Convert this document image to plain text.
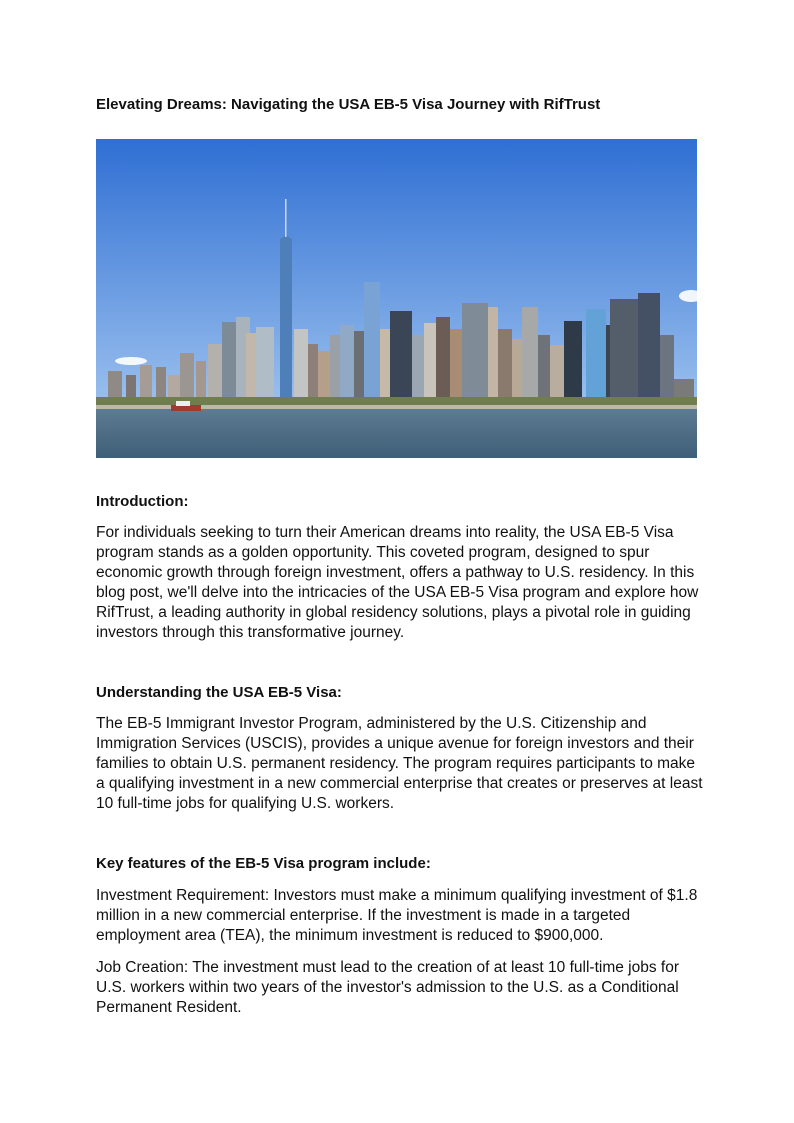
Elevating Dreams: Navigating the USA EB-5 Visa Journey with RifTrust
Introduction:

For individuals seeking to turn their American dreams into reality, the USA EB-5 Visa program stands as a golden opportunity. This coveted program, designed to spur economic growth through foreign investment, offers a pathway to U.S. residency. In this blog post, we'll delve into the intricacies of the USA EB-5 Visa program and explore how RifTrust, a leading authority in global residency solutions, plays a pivotal role in guiding investors through this transformative journey.

Understanding the USA EB-5 Visa:

The EB-5 Immigrant Investor Program, administered by the U.S. Citizenship and Immigration Services (USCIS), provides a unique avenue for foreign investors and their families to obtain U.S. permanent residency. The program requires participants to make a qualifying investment in a new commercial enterprise that creates or preserves at least 10 full-time jobs for qualifying U.S. workers.

Key features of the EB-5 Visa program include:

Investment Requirement: Investors must make a minimum qualifying investment of $1.8 million in a new commercial enterprise. If the investment is made in a targeted employment area (TEA), the minimum investment is reduced to $900,000.

Job Creation: The investment must lead to the creation of at least 10 full-time jobs for U.S. workers within two years of the investor's admission to the U.S. as a Conditional Permanent Resident.
